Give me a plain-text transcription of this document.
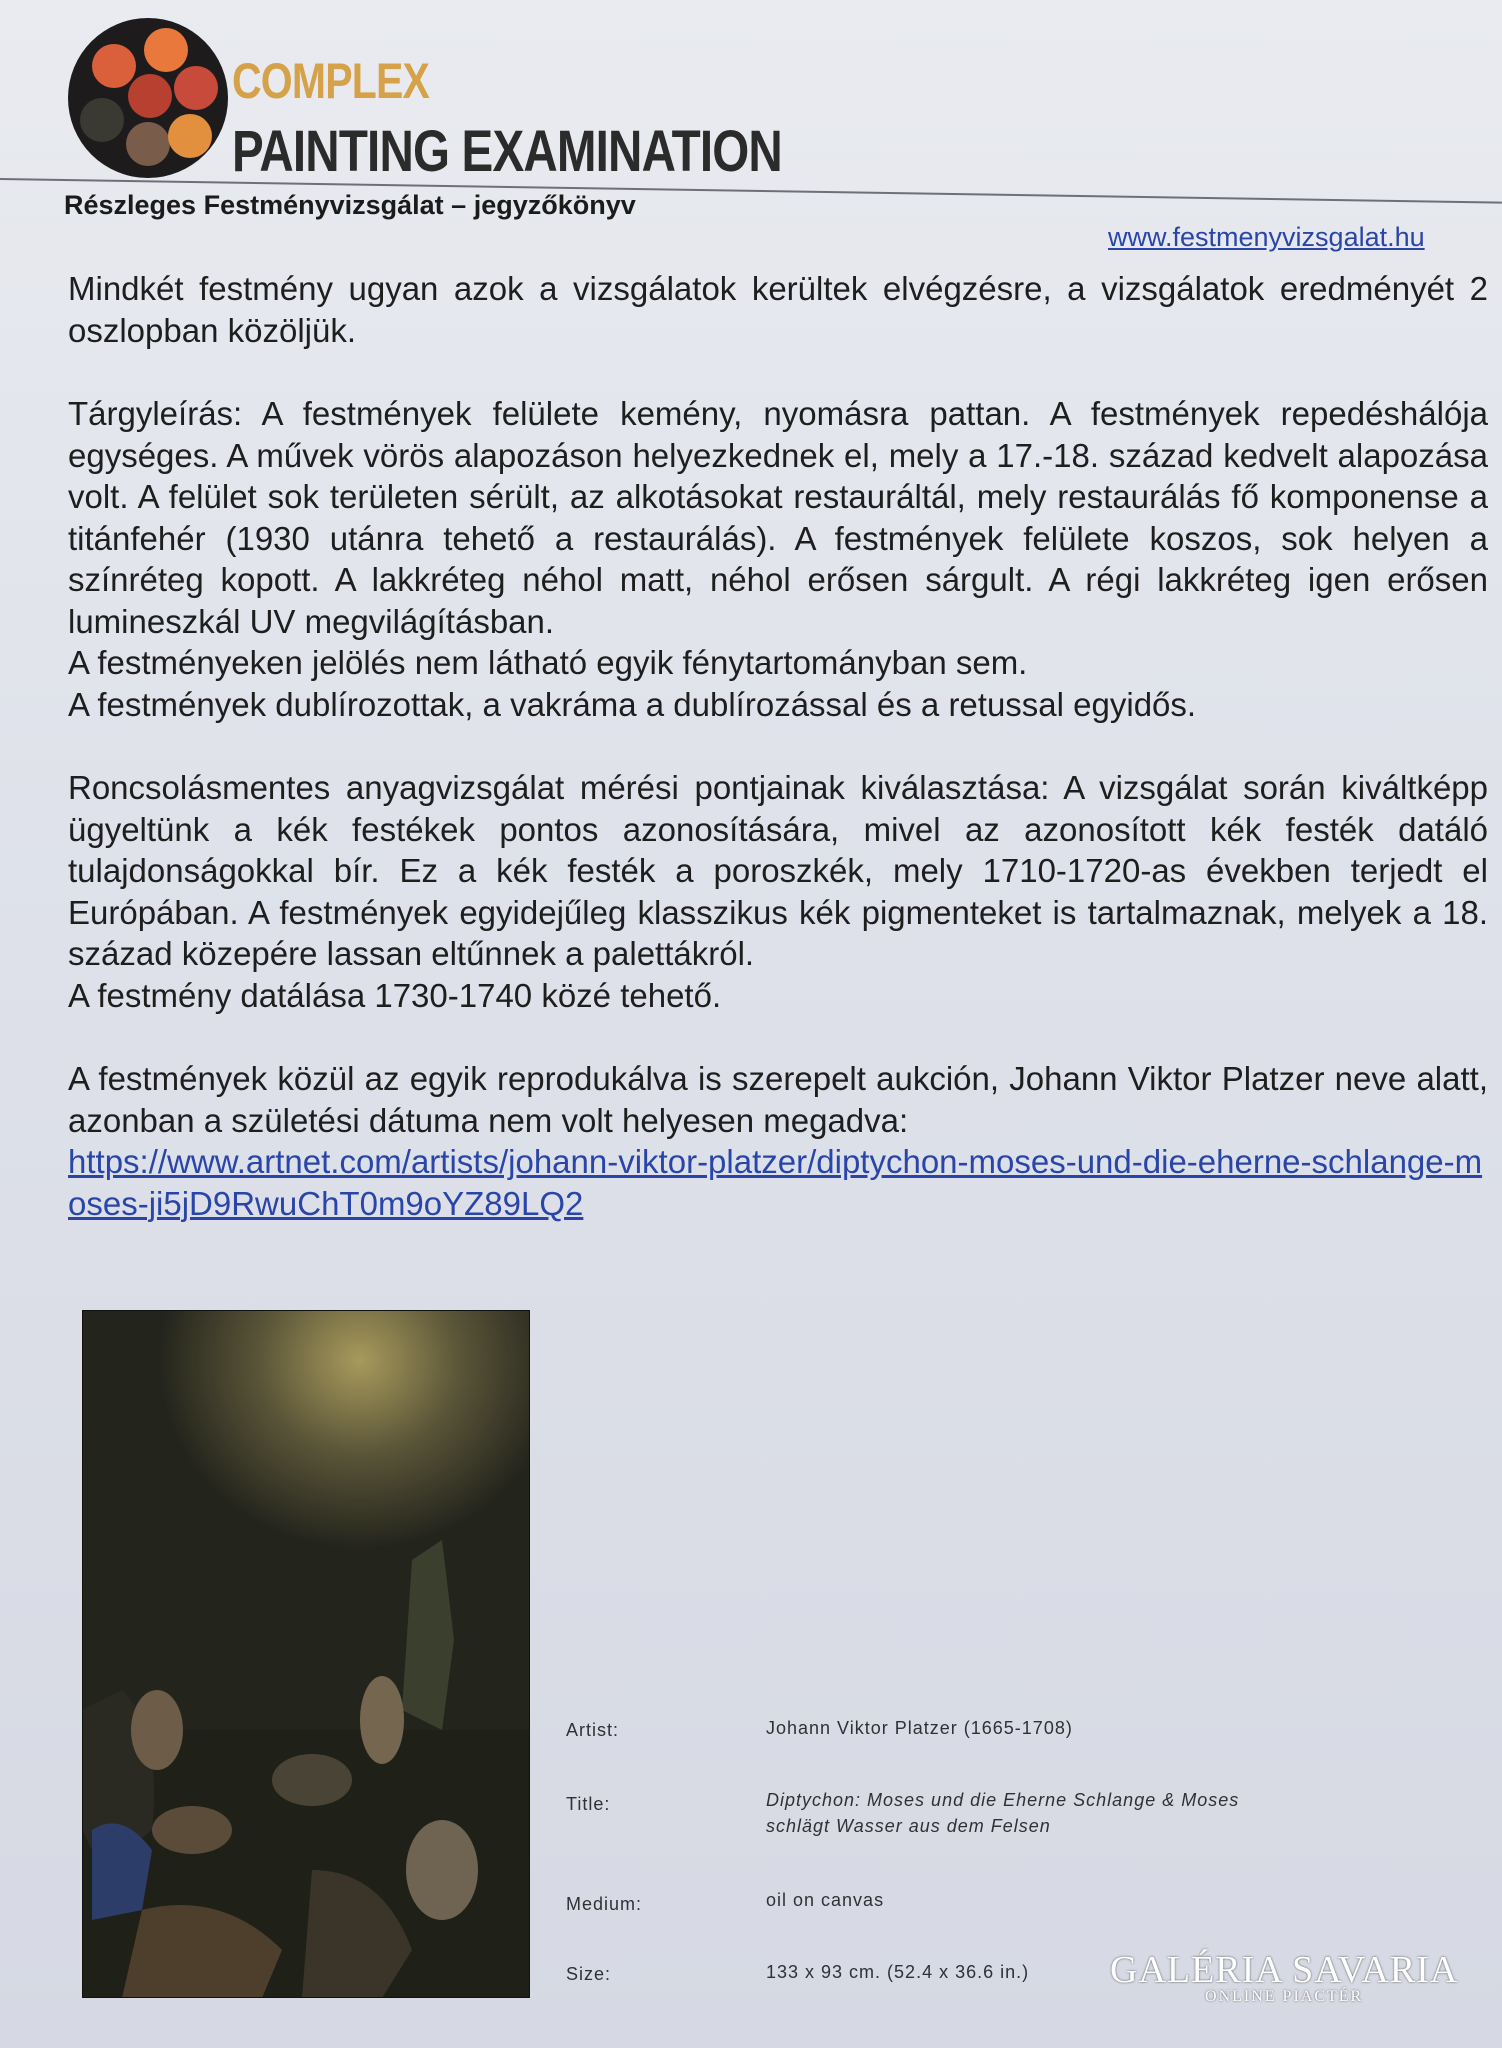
COMPLEX
PAINTING EXAMINATION
Részleges Festményvizsgálat – jegyzőkönyv
www.festmenyvizsgalat.hu

Mindkét festmény ugyan azok a vizsgálatok kerültek elvégzésre, a vizsgálatok eredményét 2 oszlopban közöljük.

Tárgyleírás: A festmények felülete kemény, nyomásra pattan. A festmények repedéshálója egységes. A művek vörös alapozáson helyezkednek el, mely a 17.-18. század kedvelt alapozása volt. A felület sok területen sérült, az alkotásokat restauráltál, mely restaurálás fő komponense a titánfehér (1930 utánra tehető a restaurálás). A festmények felülete koszos, sok helyen a színréteg kopott. A lakkréteg néhol matt, néhol erősen sárgult. A régi lakkréteg igen erősen lumineszkál UV megvilágításban.

A festményeken jelölés nem látható egyik fénytartományban sem.

A festmények dublírozottak, a vakráma a dublírozással és a retussal egyidős.

Roncsolásmentes anyagvizsgálat mérési pontjainak kiválasztása: A vizsgálat során kiváltképp ügyeltünk a kék festékek pontos azonosítására, mivel az azonosított kék festék datáló tulajdonságokkal bír. Ez a kék festék a poroszkék, mely 1710-1720-as években terjedt el Európában. A festmények egyidejűleg klasszikus kék pigmenteket is tartalmaznak, melyek a 18. század közepére lassan eltűnnek a palettákról.

A festmény datálása 1730-1740 közé tehető.

A festmények közül az egyik reprodukálva is szerepelt aukción, Johann Viktor Platzer neve alatt, azonban a születési dátuma nem volt helyesen megadva:

https://www.artnet.com/artists/johann-viktor-platzer/diptychon-moses-und-die-eherne-schlange-moses-ji5jD9RwuChT0m9oYZ89LQ2
Artist:	Johann Viktor Platzer (1665-1708)
Title:	Diptychon: Moses und die Eherne Schlange & Moses
schlägt Wasser aus dem Felsen
Medium:	oil on canvas
Size:	133 x 93 cm. (52.4 x 36.6 in.) GALÉRIA SAVARIA
ONLINE PIACTÉR
